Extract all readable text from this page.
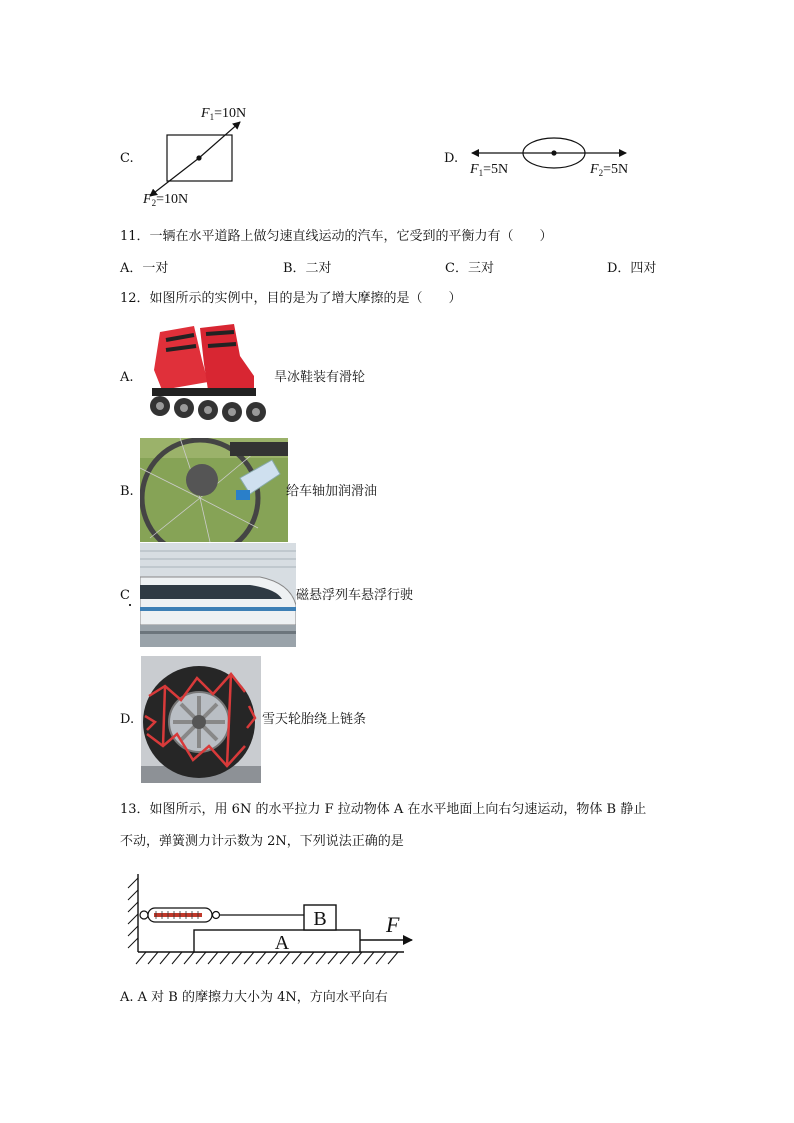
C.
$F_1=10N$
$F_2=10N$
D.
$F_1=5N$	$F_2=5N$
11．一辆在水平道路上做匀速直线运动的汽车，它受到的平衡力有（　　）
A．一对	B．二对	C．三对	D．四对
12．如图所示的实例中，目的是为了增大摩擦的是（　　）
A.	旱冰鞋装有滑轮
B.	给车轴加润滑油
C	磁悬浮列车悬浮行驶
D.	雪天轮胎绕上链条
13．如图所示，用 6N 的水平拉力 F 拉动物体 A 在水平地面上向右匀速运动，物体 B 静止
不动，弹簧测力计示数为 2N，下列说法正确的是
B
A
F
A. A 对 B 的摩擦力大小为 4N，方向水平向右
